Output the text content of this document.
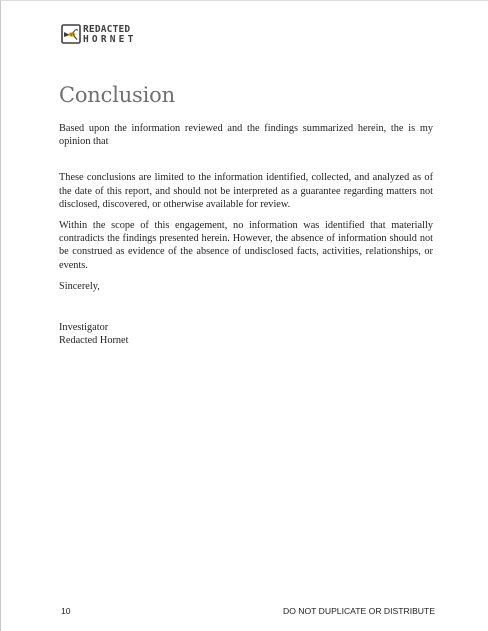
REDACTED
HORNET
Conclusion

Based upon the information reviewed and the findings summarized herein, the is my opinion that

These conclusions are limited to the information identified, collected, and analyzed as of the date of this report, and should not be interpreted as a guarantee regarding matters not disclosed, discovered, or otherwise available for review.

Within the scope of this engagement, no information was identified that materially contradicts the findings presented herein. However, the absence of information should not be construed as evidence of the absence of undisclosed facts, activities, relationships, or events.

Sincerely,

Investigator
Redacted Hornet
10	DO NOT DUPLICATE OR DISTRIBUTE
